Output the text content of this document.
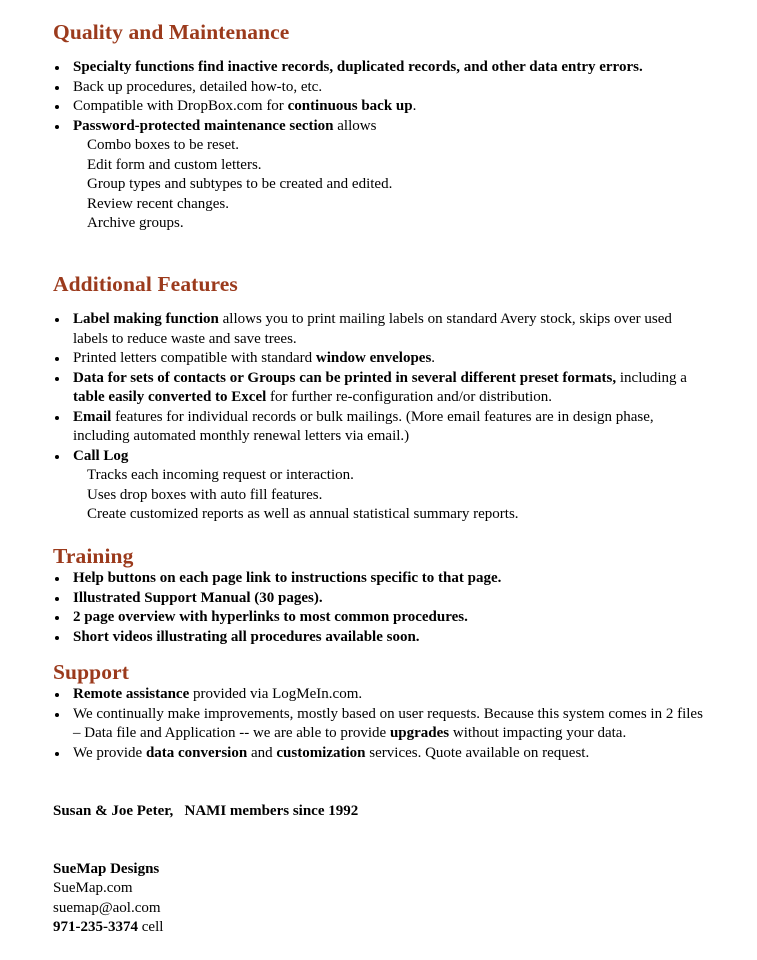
Quality and Maintenance
Specialty functions find inactive records, duplicated records, and other data entry errors.
Back up procedures, detailed how-to, etc.
Compatible with DropBox.com for continuous back up.
Password-protected maintenance section allows
Combo boxes to be reset.
Edit form and custom letters.
Group types and subtypes to be created and edited.
Review recent changes.
Archive groups.
Additional Features
Label making function allows you to print mailing labels on standard Avery stock, skips over used labels to reduce waste and save trees.
Printed letters compatible with standard window envelopes.
Data for sets of contacts or Groups can be printed in several different preset formats, including a table easily converted to Excel for further re-configuration and/or distribution.
Email features for individual records or bulk mailings. (More email features are in design phase, including automated monthly renewal letters via email.)
Call Log
Tracks each incoming request or interaction.
Uses drop boxes with auto fill features.
Create customized reports as well as annual statistical summary reports.
Training
Help buttons on each page link to instructions specific to that page.
Illustrated Support Manual (30 pages).
2 page overview with hyperlinks to most common procedures.
Short videos illustrating all procedures available soon.
Support
Remote assistance provided via LogMeIn.com.
We continually make improvements, mostly based on user requests. Because this system comes in 2 files – Data file and Application -- we are able to provide upgrades without impacting your data.
We provide data conversion and customization services. Quote available on request.
Susan & Joe Peter,   NAMI members since 1992
SueMap Designs
SueMap.com
suemap@aol.com
971-235-3374 cell
